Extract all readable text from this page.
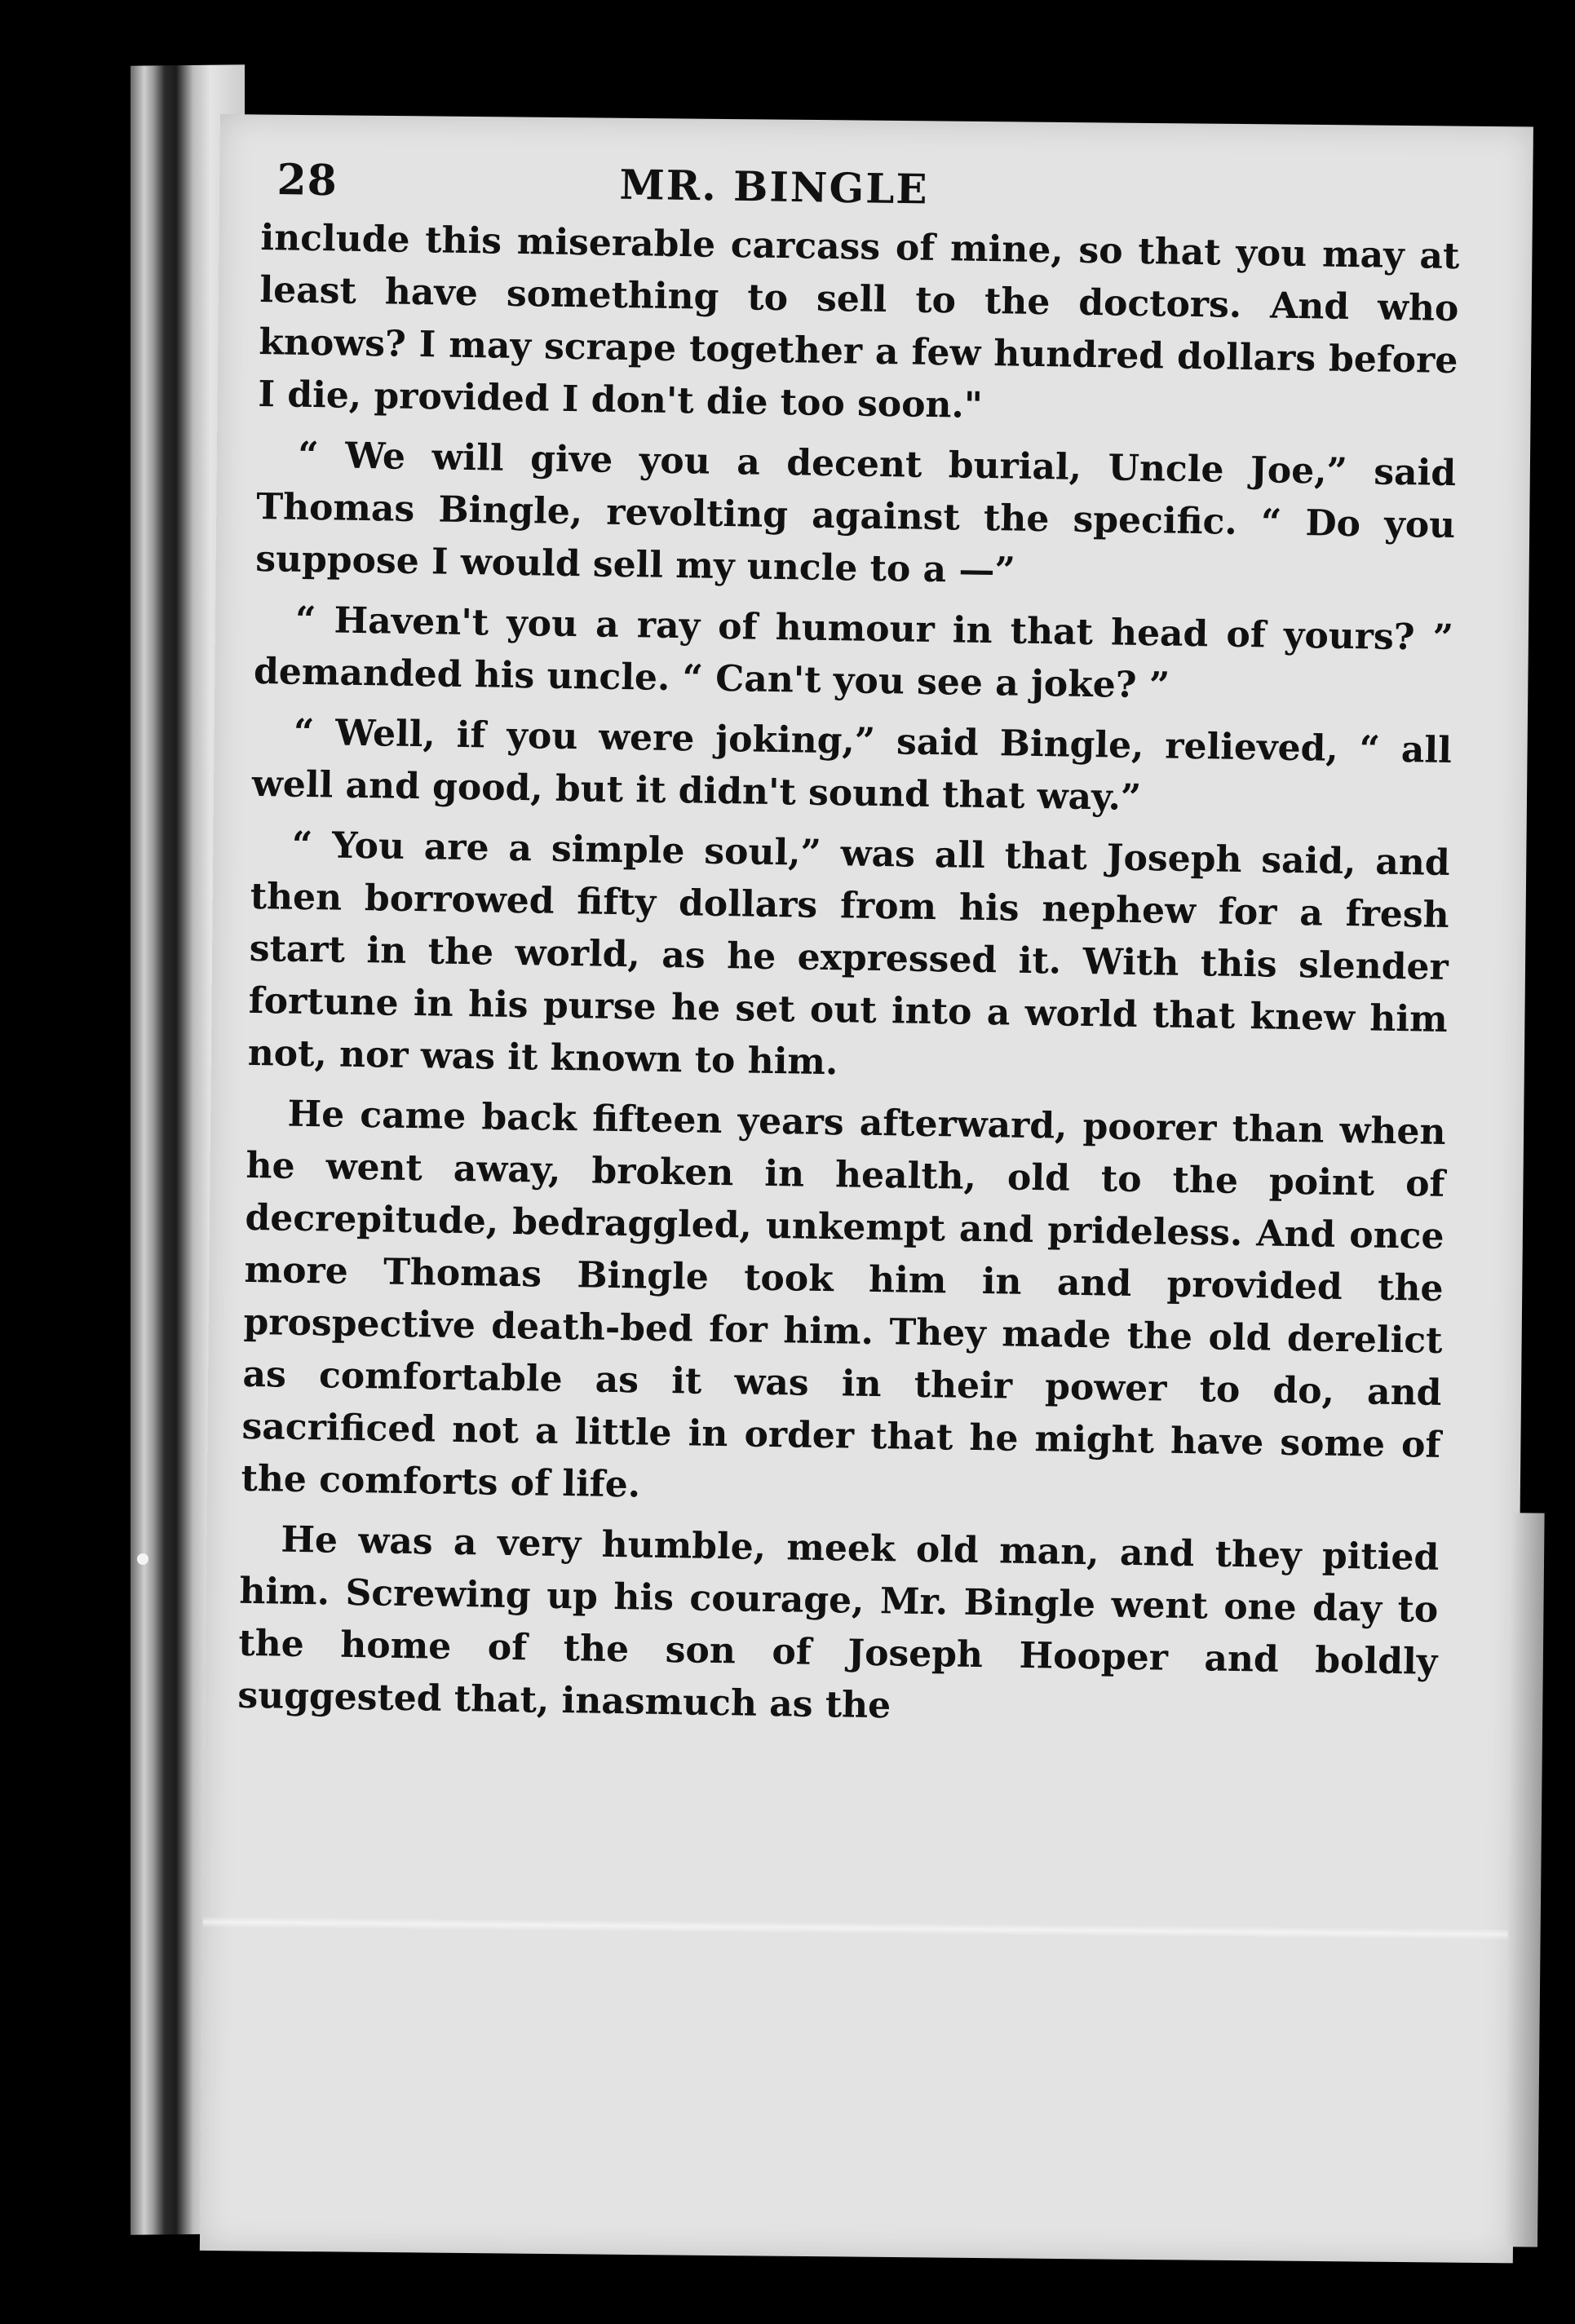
28	MR. BINGLE

include this miserable carcass of mine, so that you may at least have something to sell to the doctors. And who knows? I may scrape together a few hundred dollars before I die, provided I don't die too soon."

“ We will give you a decent burial, Uncle Joe,” said Thomas Bingle, revolting against the specific. “ Do you suppose I would sell my uncle to a —”

“ Haven't you a ray of humour in that head of yours? ” demanded his uncle. “ Can't you see a joke? ”

“ Well, if you were joking,” said Bingle, relieved, “ all well and good, but it didn't sound that way.”

“ You are a simple soul,” was all that Joseph said, and then borrowed fifty dollars from his nephew for a fresh start in the world, as he expressed it. With this slender fortune in his purse he set out into a world that knew him not, nor was it known to him.

He came back fifteen years afterward, poorer than when he went away, broken in health, old to the point of decrepitude, bedraggled, unkempt and prideless. And once more Thomas Bingle took him in and provided the prospective death-bed for him. They made the old derelict as comfortable as it was in their power to do, and sacrificed not a little in order that he might have some of the comforts of life.

He was a very humble, meek old man, and they pitied him. Screwing up his courage, Mr. Bingle went one day to the home of the son of Joseph Hooper and boldly suggested that, inasmuch as the
